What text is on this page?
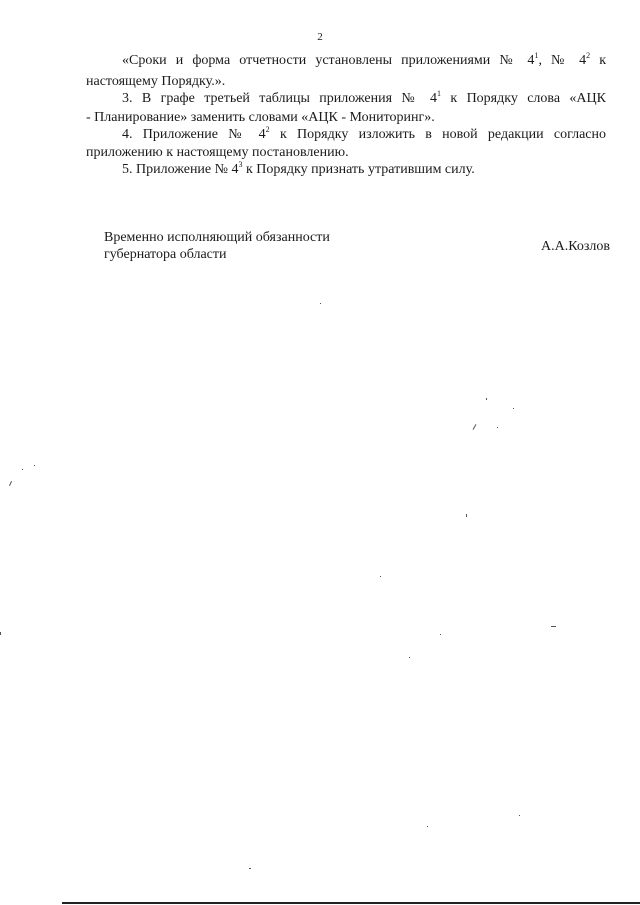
2
«Сроки и форма отчетности установлены приложениями № $4^1$, № $4^2$ к
настоящему Порядку.».
3. В графе третьей таблицы приложения № $4^1$ к Порядку слова «АЦК
- Планирование» заменить словами «АЦК - Мониторинг».
4. Приложение № $4^2$ к Порядку изложить в новой редакции согласно
приложению к настоящему постановлению.
5. Приложение № $4^3$ к Порядку признать утратившим силу.
Временно исполняющий обязанности
губернатора области
А.А.Козлов
